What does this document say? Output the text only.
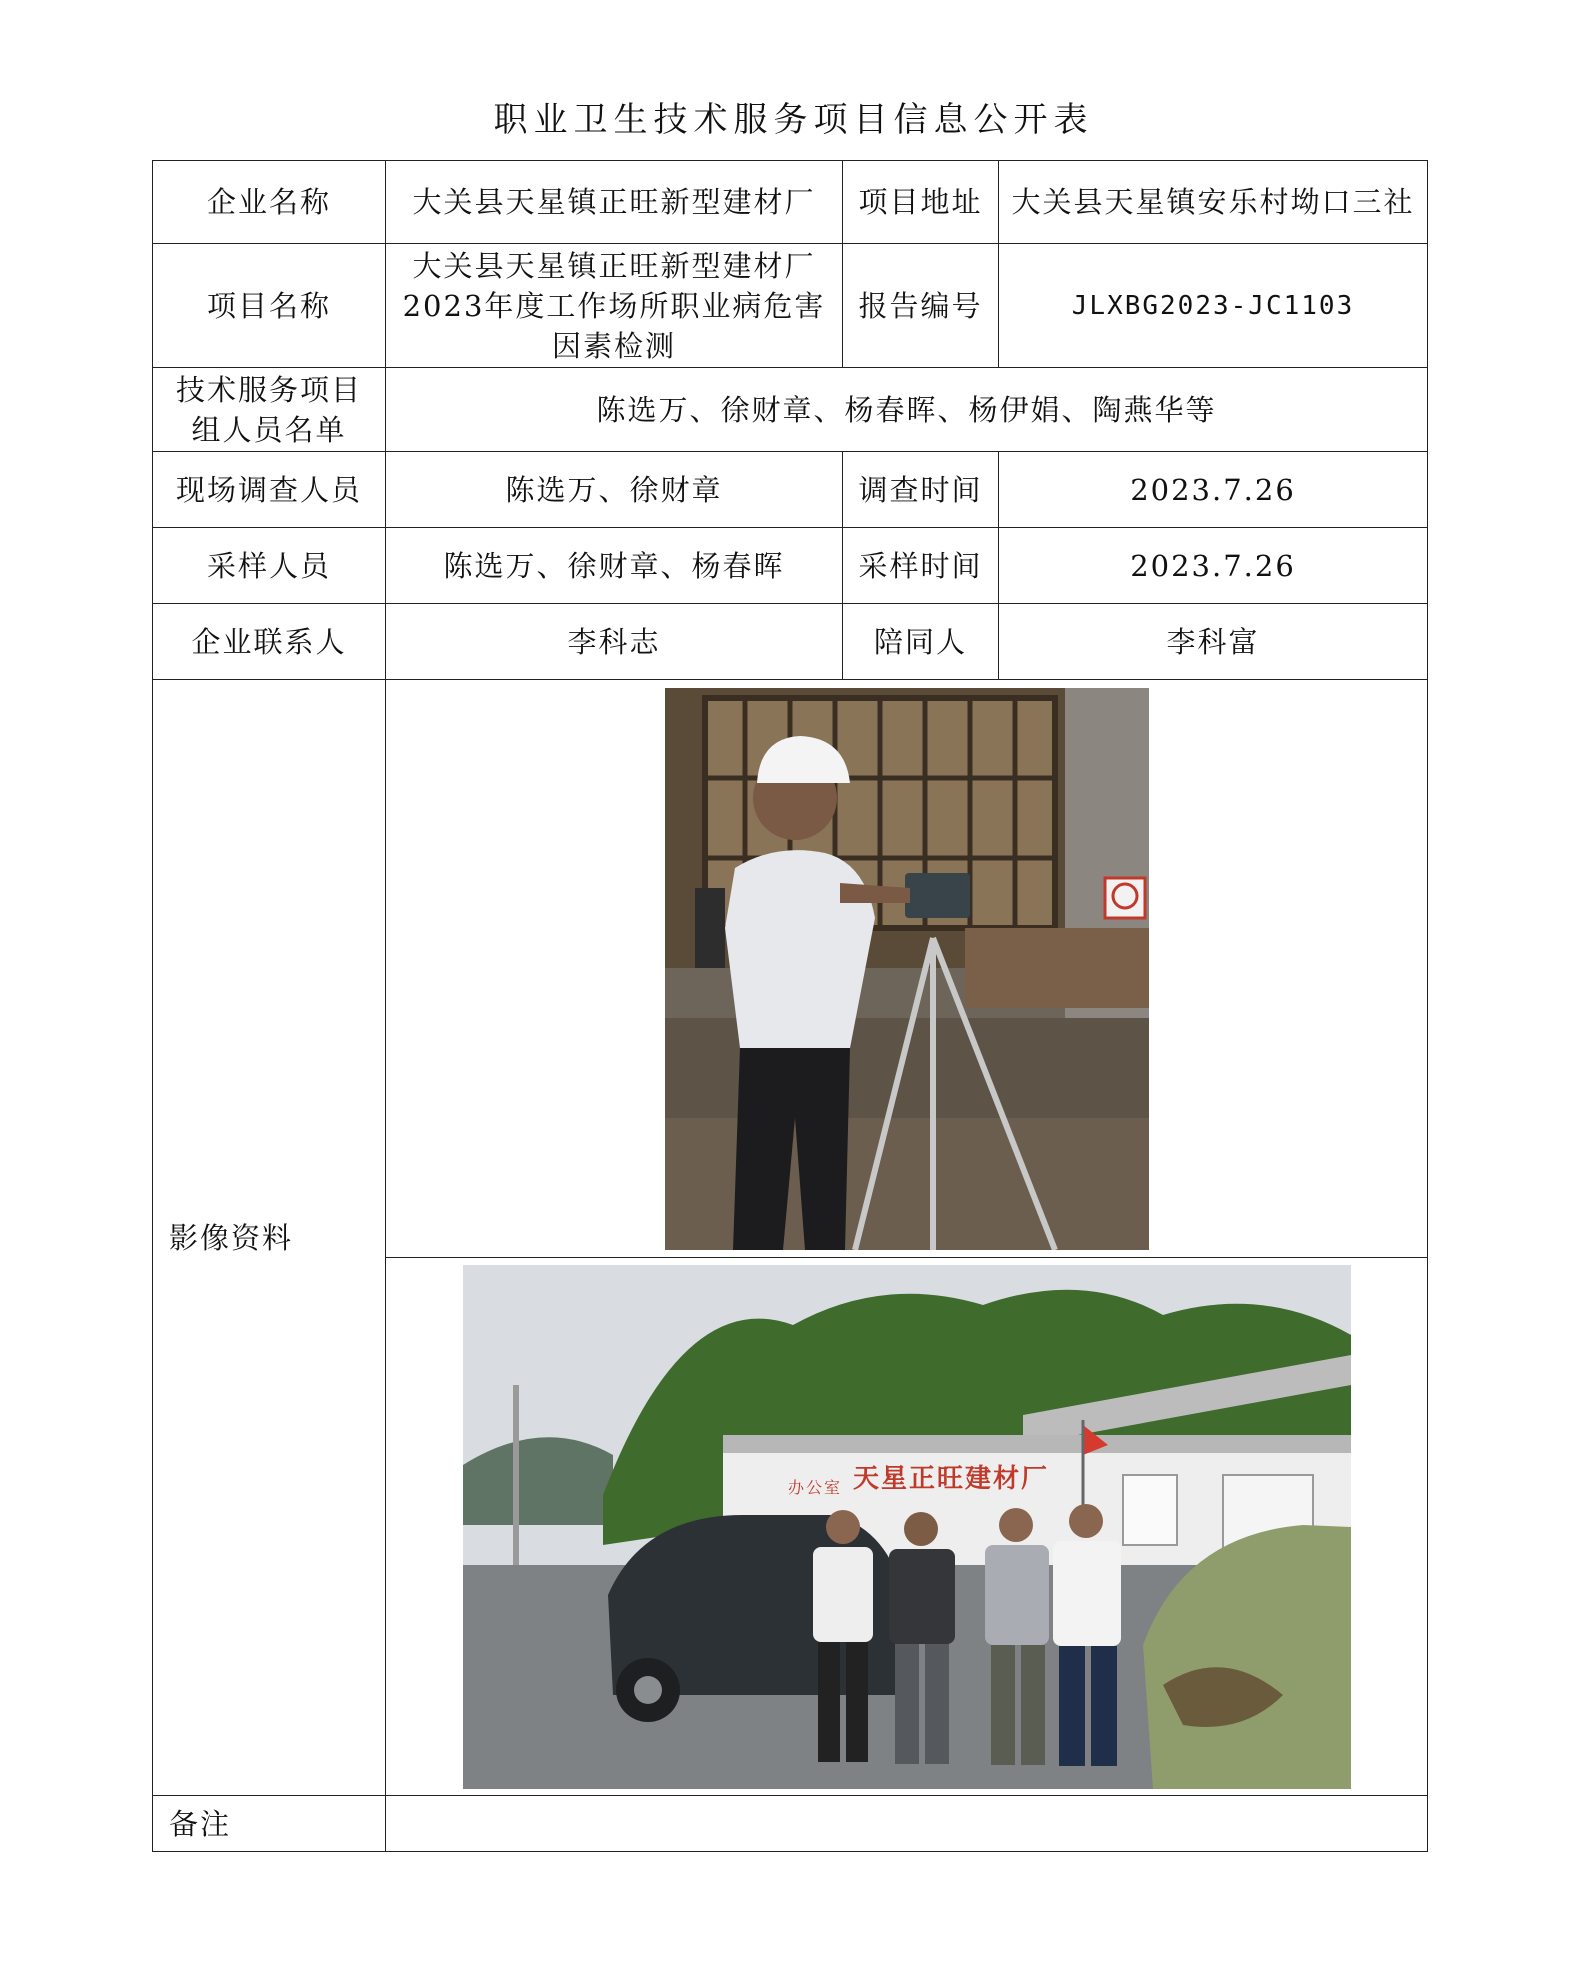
职业卫生技术服务项目信息公开表
企业名称	大关县天星镇正旺新型建材厂	项目地址	大关县天星镇安乐村坳口三社
项目名称	大关县天星镇正旺新型建材厂2023年度工作场所职业病危害因素检测	报告编号	JLXBG2023-JC1103
技术服务项目组人员名单	陈选万、徐财章、杨春晖、杨伊娟、陶燕华等		
现场调查人员	陈选万、徐财章	调查时间	2023.7.26
采样人员	陈选万、徐财章、杨春晖	采样时间	2023.7.26
企业联系人	李科志	陪同人	李科富
影像资料	

天星正旺建材厂
办公室		

备注			
